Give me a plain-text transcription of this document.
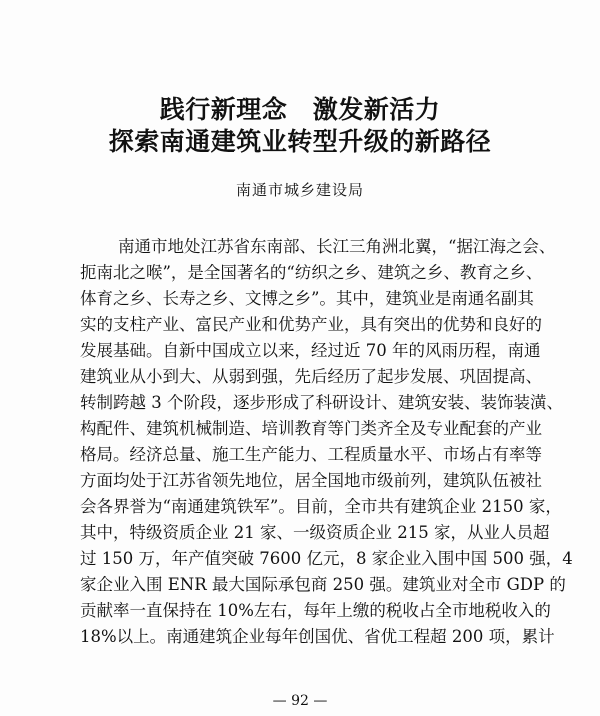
践行新理念　激发新活力
探索南通建筑业转型升级的新路径
南通市城乡建设局
南通市地处江苏省东南部、长江三角洲北翼，“据江海之会、
扼南北之喉”，是全国著名的“纺织之乡、建筑之乡、教育之乡、
体育之乡、长寿之乡、文博之乡”。其中，建筑业是南通名副其
实的支柱产业、富民产业和优势产业，具有突出的优势和良好的
发展基础。自新中国成立以来，经过近 70 年的风雨历程，南通
建筑业从小到大、从弱到强，先后经历了起步发展、巩固提高、
转制跨越 3 个阶段，逐步形成了科研设计、建筑安装、装饰装潢、
构配件、建筑机械制造、培训教育等门类齐全及专业配套的产业
格局。经济总量、施工生产能力、工程质量水平、市场占有率等
方面均处于江苏省领先地位，居全国地市级前列，建筑队伍被社
会各界誉为“南通建筑铁军”。目前，全市共有建筑企业 2150 家，
其中，特级资质企业 21 家、一级资质企业 215 家，从业人员超
过 150 万，年产值突破 7600 亿元，8 家企业入围中国 500 强，4
家企业入围 ENR 最大国际承包商 250 强。建筑业对全市 GDP 的
贡献率一直保持在 10%左右，每年上缴的税收占全市地税收入的
18%以上。南通建筑企业每年创国优、省优工程超 200 项，累计
— 92 —
